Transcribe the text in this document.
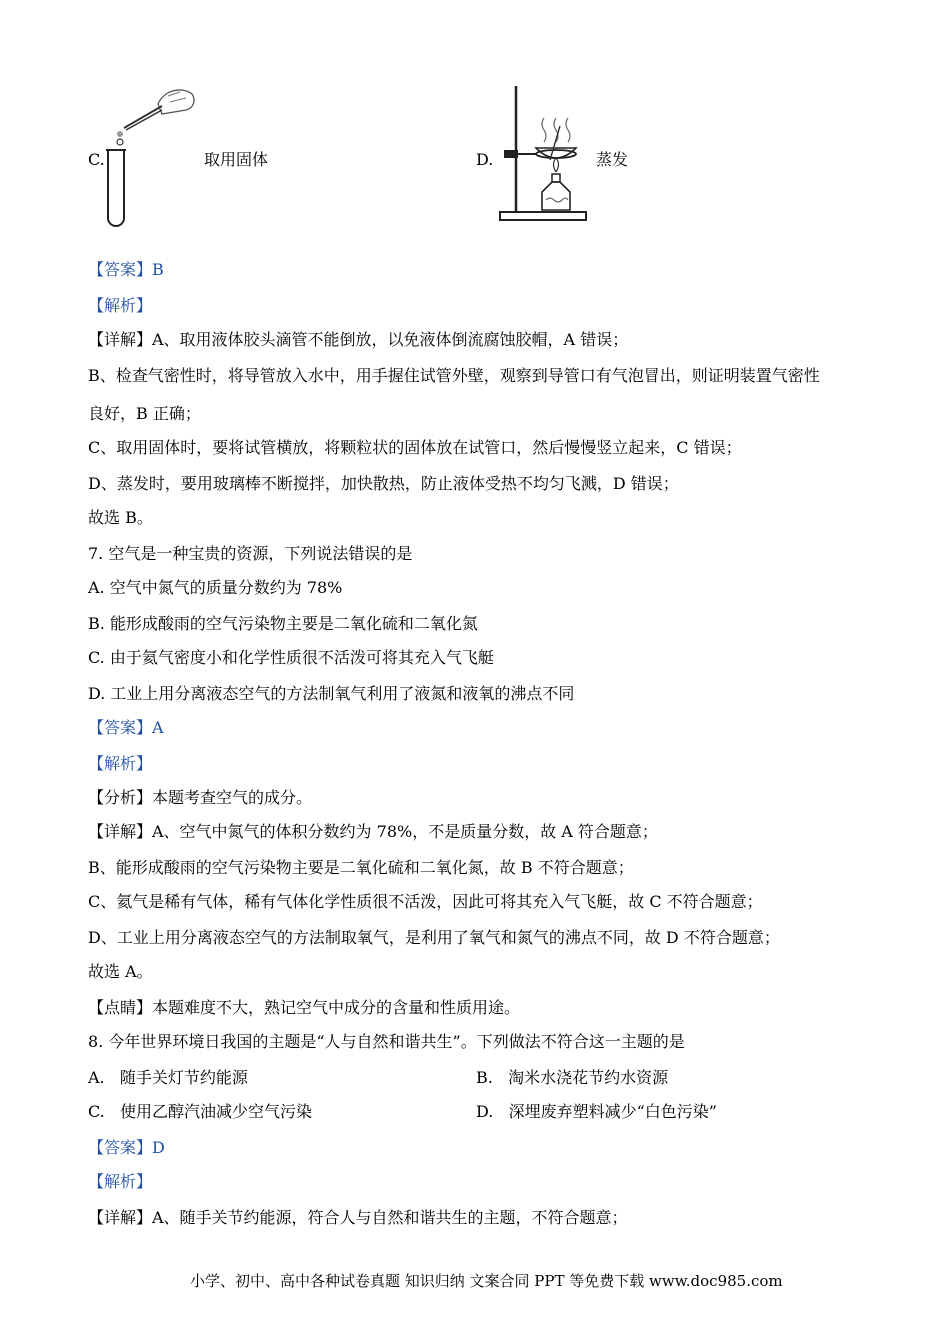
C.	取用固体	D.	蒸发
【答案】B
【解析】
【详解】A、取用液体胶头滴管不能倒放，以免液体倒流腐蚀胶帽，A 错误；
B、检查气密性时，将导管放入水中，用手握住试管外壁，观察到导管口有气泡冒出，则证明装置气密性
良好，B 正确；
C、取用固体时，要将试管横放，将颗粒状的固体放在试管口，然后慢慢竖立起来，C 错误；
D、蒸发时，要用玻璃棒不断搅拌，加快散热，防止液体受热不均匀飞溅，D 错误；
故选 B。
7. 空气是一种宝贵的资源，下列说法错误的是
A. 空气中氮气的质量分数约为 78%
B. 能形成酸雨的空气污染物主要是二氧化硫和二氧化氮
C. 由于氦气密度小和化学性质很不活泼可将其充入气飞艇
D. 工业上用分离液态空气的方法制氧气利用了液氮和液氧的沸点不同
【答案】A
【解析】
【分析】本题考查空气的成分。
【详解】A、空气中氮气的体积分数约为 78%，不是质量分数，故 A 符合题意；
B、能形成酸雨的空气污染物主要是二氧化硫和二氧化氮，故 B 不符合题意；
C、氦气是稀有气体，稀有气体化学性质很不活泼，因此可将其充入气飞艇，故 C 不符合题意；
D、工业上用分离液态空气的方法制取氧气，是利用了氧气和氮气的沸点不同，故 D 不符合题意；
故选 A。
【点睛】本题难度不大，熟记空气中成分的含量和性质用途。
8. 今年世界环境日我国的主题是“人与自然和谐共生”。下列做法不符合这一主题的是
A. 随手关灯节约能源	B. 淘米水浇花节约水资源
C. 使用乙醇汽油减少空气污染	D. 深埋废弃塑料减少“白色污染”
【答案】D
【解析】
【详解】A、随手关节约能源，符合人与自然和谐共生的主题，不符合题意；
小学、初中、高中各种试卷真题 知识归纳 文案合同 PPT 等免费下载 www.doc985.com
